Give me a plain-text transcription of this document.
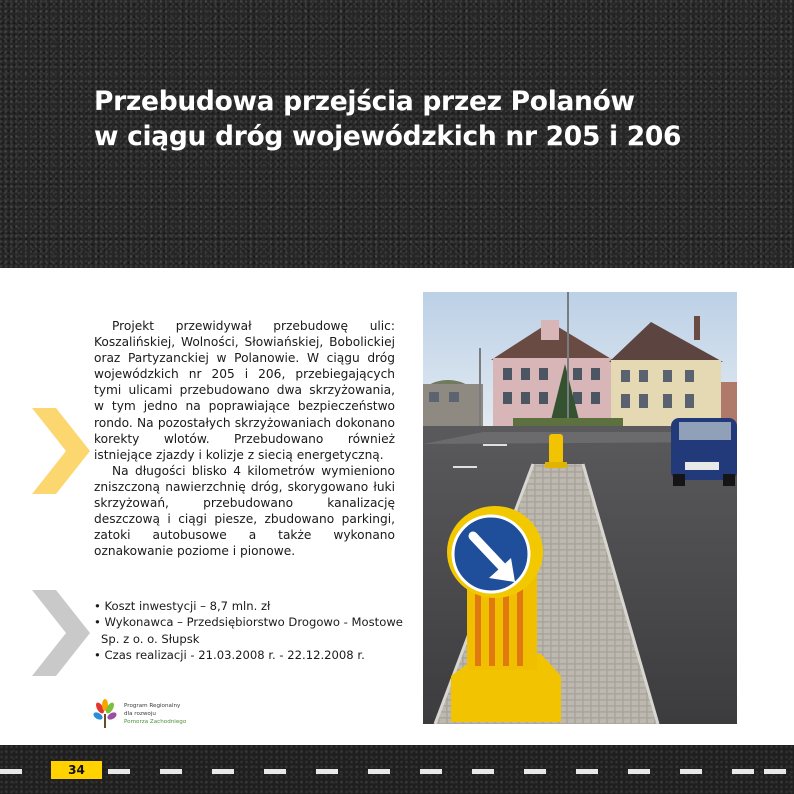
Przebudowa przejścia przez Polanów
w ciągu dróg wojewódzkich nr 205 i 206

Projekt przewidywał przebudowę ulic: Koszalińskiej, Wolności, Słowiańskiej, Bobolickiej oraz Partyzanckiej w Polanowie. W ciągu dróg wojewódzkich nr 205 i 206, przebiegających tymi ulicami przebudowano dwa skrzyżowania, w tym jedno na poprawiające bezpieczeństwo rondo. Na pozostałych skrzyżowaniach dokonano korekty wlotów. Przebudowano również istniejące zjazdy i kolizje z siecią energetyczną.

Na długości blisko 4 kilometrów wymieniono zniszczoną nawierzchnię dróg, skorygowano łuki skrzyżowań, przebudowano kanalizację deszczową i ciągi piesze, zbudowano parkingi, zatoki autobusowe a także wykonano oznakowanie poziome i pionowe.

• Koszt inwestycji – 8,7 mln. zł
• Wykonawca – Przedsiębiorstwo Drogowo - Mostowe
Sp. z o. o. Słupsk
• Czas realizacji - 21.03.2008 r. - 22.12.2008 r.
Program Regionalny
dla rozwoju
Pomorza Zachodniego
34
